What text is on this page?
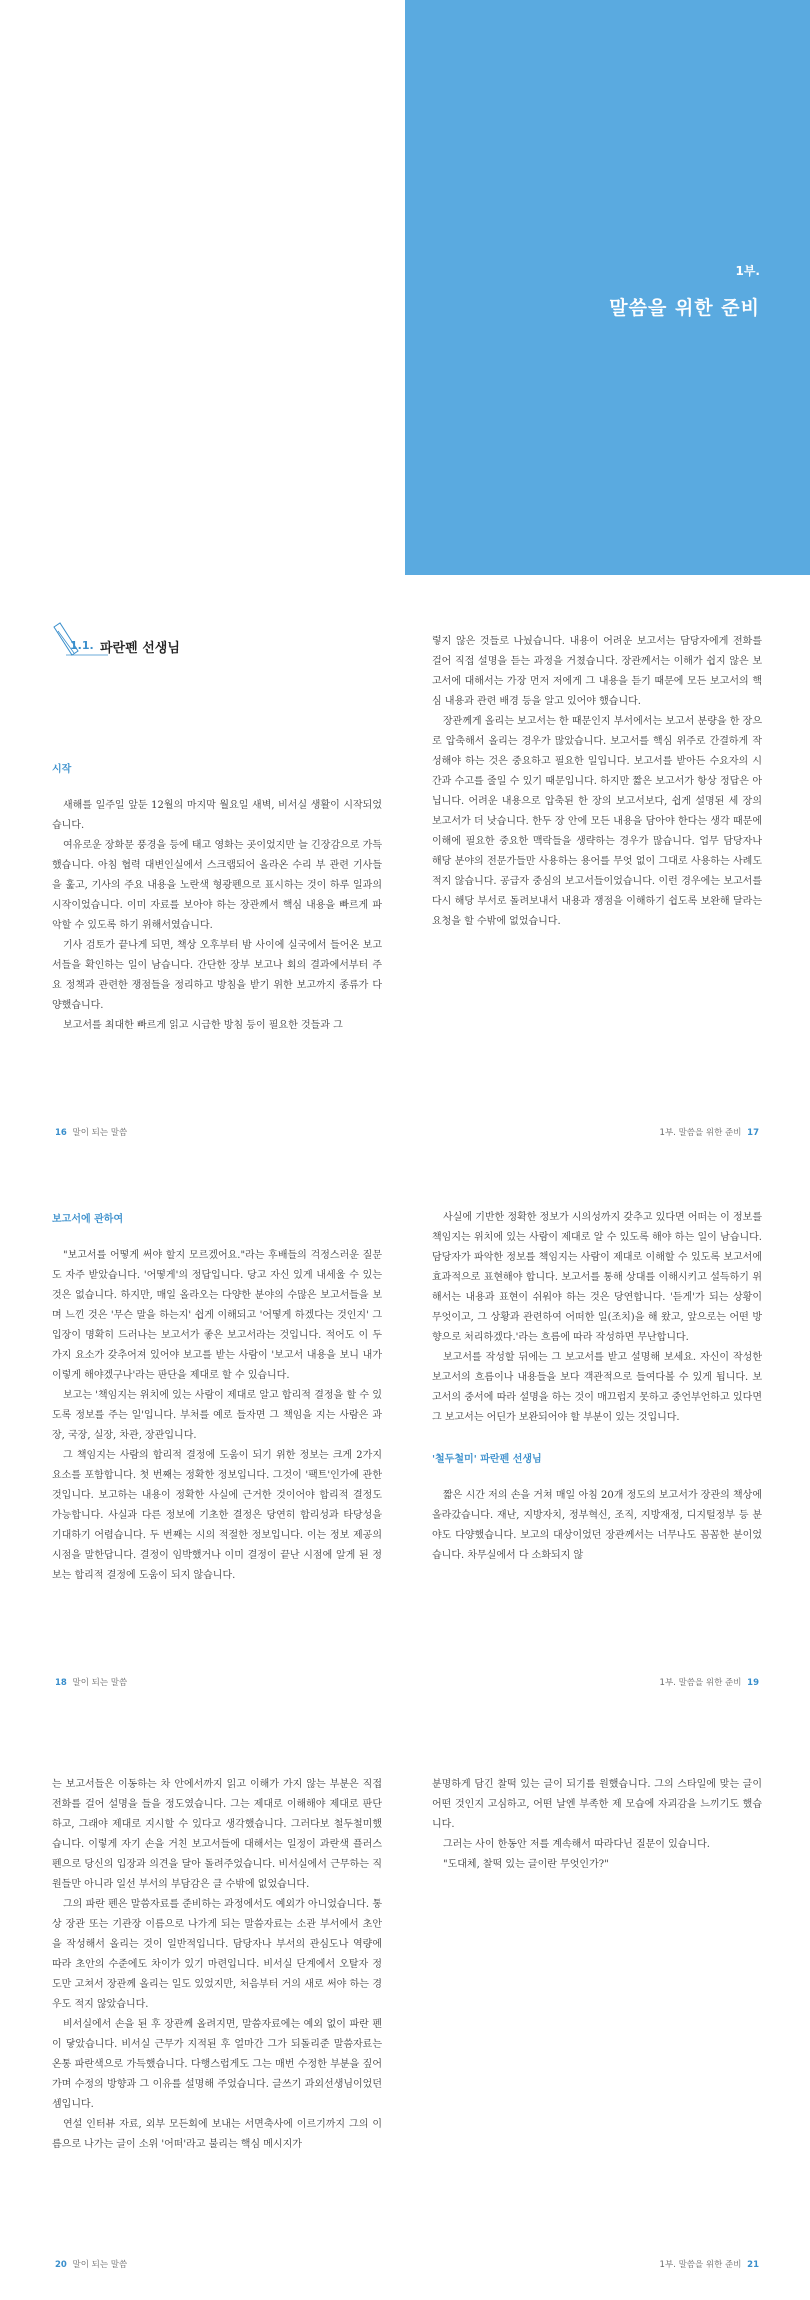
1부.
말씀을 위한 준비
1.1. 파란펜 선생님
시작

새해를 일주일 앞둔 12월의 마지막 월요일 새벽, 비서실 생활이 시작되었습니다.

여유로운 장화문 풍경을 등에 태고 영화는 곳이었지만 늘 긴장감으로 가득했습니다. 아침 협력 대변인실에서 스크랩되어 올라온 수리 부 관련 기사들을 훑고, 기사의 주요 내용을 노란색 형광펜으로 표시하는 것이 하루 일과의 시작이었습니다. 이미 자료를 보아야 하는 장관께서 핵심 내용을 빠르게 파악할 수 있도록 하기 위해서였습니다.

기사 검토가 끝나게 되면, 책상 오후부터 밤 사이에 실국에서 들어온 보고서들을 확인하는 일이 남습니다. 간단한 장부 보고나 회의 결과에서부터 주요 정책과 관련한 쟁점들을 정리하고 방침을 받기 위한 보고까지 종류가 다양했습니다.

보고서를 최대한 빠르게 읽고 시급한 방침 등이 필요한 것들과 그

16 말이 되는 말씀

렇지 않은 것들로 나눴습니다. 내용이 어려운 보고서는 담당자에게 전화를 걸어 직접 설명을 듣는 과정을 거쳤습니다. 장관께서는 이해가 쉽지 않은 보고서에 대해서는 가장 먼저 저에게 그 내용을 듣기 때문에 모든 보고서의 핵심 내용과 관련 배경 등을 알고 있어야 했습니다.

장관께게 올리는 보고서는 한 때문인지 부서에서는 보고서 분량을 한 장으로 압축해서 올리는 경우가 많았습니다. 보고서를 핵심 위주로 간결하게 작성해야 하는 것은 중요하고 필요한 일입니다. 보고서를 받아든 수요자의 시간과 수고를 줄일 수 있기 때문입니다. 하지만 짧은 보고서가 항상 정답은 아닙니다. 어려운 내용으로 압축된 한 장의 보고서보다, 쉽게 설명된 세 장의 보고서가 더 낫습니다. 한두 장 안에 모든 내용을 담아야 한다는 생각 때문에 이해에 필요한 중요한 맥락들을 생략하는 경우가 많습니다. 업무 담당자나 해당 분야의 전문가들만 사용하는 용어를 무엇 없이 그대로 사용하는 사례도 적지 않습니다. 공급자 중심의 보고서들이었습니다. 이런 경우에는 보고서를 다시 해당 부서로 돌려보내서 내용과 쟁점을 이해하기 쉽도록 보완해 달라는 요청을 할 수밖에 없었습니다.

1부. 말씀을 위한 준비 17
보고서에 관하여

"보고서를 어떻게 써야 할지 모르겠어요."라는 후배들의 걱정스러운 질문도 자주 받았습니다. '어떻게'의 정답입니다. 당고 자신 있게 내세울 수 있는 것은 없습니다. 하지만, 매일 올라오는 다양한 분야의 수많은 보고서들을 보며 느낀 것은 '무슨 말을 하는지' 쉽게 이해되고 '어떻게 하겠다는 것인지' 그 입장이 명확히 드러나는 보고서가 좋은 보고서라는 것입니다. 적어도 이 두 가지 요소가 갖추어져 있어야 보고를 받는 사람이 '보고서 내용을 보니 내가 이렇게 해야겠구나'라는 판단을 제대로 할 수 있습니다.

보고는 '책임지는 위치에 있는 사람이 제대로 알고 합리적 결정을 할 수 있도록 정보를 주는 일'입니다. 부처를 예로 들자면 그 책임을 지는 사람은 과장, 국장, 실장, 차관, 장관입니다.

그 책임지는 사람의 합리적 결정에 도움이 되기 위한 정보는 크게 2가지 요소를 포함합니다. 첫 번째는 정확한 정보입니다. 그것이 '팩트'인가에 관한 것입니다. 보고하는 내용이 정확한 사실에 근거한 것이어야 합리적 결정도 가능합니다. 사실과 다른 정보에 기초한 결정은 당연히 합리성과 타당성을 기대하기 어렵습니다. 두 번째는 시의 적절한 정보입니다. 이는 정보 제공의 시점을 말한답니다. 결정이 임박했거나 이미 결정이 끝난 시점에 알게 된 정보는 합리적 결정에 도움이 되지 않습니다.

18 말이 되는 말씀

사실에 기반한 정확한 정보가 시의성까지 갖추고 있다면 어떠는 이 정보를 책임지는 위치에 있는 사람이 제대로 알 수 있도록 해야 하는 일이 남습니다. 담당자가 파악한 정보를 책임지는 사람이 제대로 이해할 수 있도록 보고서에 효과적으로 표현해야 합니다. 보고서를 통해 상대를 이해시키고 설득하기 위해서는 내용과 표현이 쉬워야 하는 것은 당연합니다. '듣게'가 되는 상황이 무엇이고, 그 상황과 관련하여 어떠한 일(조치)을 해 왔고, 앞으로는 어떤 방향으로 처리하겠다.'라는 흐름에 따라 작성하면 무난합니다.

보고서를 작성할 뒤에는 그 보고서를 받고 설명해 보세요. 자신이 작성한 보고서의 흐름이나 내용들을 보다 객관적으로 들여다볼 수 있게 됩니다. 보고서의 중서에 따라 설명을 하는 것이 매끄럽지 못하고 중언부언하고 있다면 그 보고서는 어딘가 보완되어야 할 부분이 있는 것입니다.

'철두철미' 파란펜 선생님

짧은 시간 저의 손을 거쳐 매일 아침 20개 정도의 보고서가 장관의 책상에 올라갔습니다. 재난, 지방자치, 정부혁신, 조직, 지방재정, 디지털정부 등 분야도 다양했습니다. 보고의 대상이었던 장관께서는 너무나도 꼼꼼한 분이었습니다. 차무실에서 다 소화되지 않

1부. 말씀을 위한 준비 19

는 보고서들은 이동하는 차 안에서까지 읽고 이해가 가지 않는 부분은 직접 전화를 걸어 설명을 들을 정도였습니다. 그는 제대로 이해해야 제대로 판단하고, 그래야 제대로 지시할 수 있다고 생각했습니다. 그러다보 철두철미했습니다. 이렇게 자기 손을 거친 보고서들에 대해서는 일정이 과란색 플러스펜으로 당신의 입장과 의견을 달아 돌려주었습니다. 비서실에서 근무하는 직원들만 아니라 일선 부서의 부담감은 클 수밖에 없었습니다.

그의 파란 펜은 말씀자료를 준비하는 과정에서도 예외가 아니었습니다. 통상 장관 또는 기관장 이름으로 나가게 되는 말씀자료는 소관 부서에서 초안을 작성해서 올리는 것이 일반적입니다. 담당자나 부서의 관심도나 역량에 따라 초안의 수준에도 차이가 있기 마련입니다. 비서실 단계에서 오탈자 정도만 고쳐서 장관께 올리는 일도 있었지만, 처음부터 거의 새로 써야 하는 경우도 적지 않았습니다.

비서실에서 손을 된 후 장관께 올려지면, 말씀자료에는 예외 없이 파란 펜이 닿았습니다. 비서실 근무가 지적된 후 얼마간 그가 되돌리준 말씀자료는 온통 파란색으로 가득했습니다. 다행스럽게도 그는 매번 수정한 부분을 짚어 가며 수정의 방향과 그 이유를 설명해 주었습니다. 글쓰기 과외선생님이었던 셈입니다.

연설 인터뷰 자료, 외부 모든회에 보내는 서면축사에 이르기까지 그의 이름으로 나가는 글이 소위 '어떠'라고 불리는 핵심 메시지가

20 말이 되는 말씀

분명하게 담긴 찰떡 있는 글이 되기를 원했습니다. 그의 스타일에 맞는 글이 어떤 것인지 고심하고, 어떤 날엔 부족한 제 모습에 자괴감을 느끼기도 했습니다.

그러는 사이 한동안 저를 계속해서 따라다닌 질문이 있습니다.

"도대체, 찰떡 있는 글이란 무엇인가?"

1부. 말씀을 위한 준비 21
